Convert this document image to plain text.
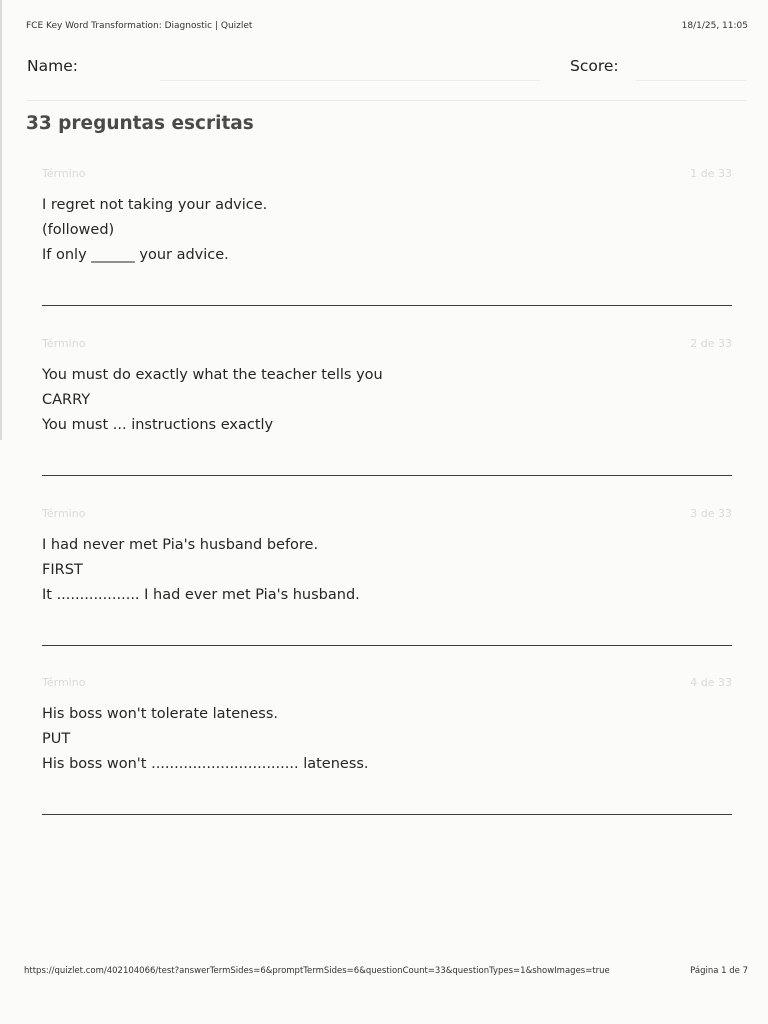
FCE Key Word Transformation: Diagnostic | Quizlet	18/1/25, 11:05
Name:	Score:
33 preguntas escritas
Término	1 de 33
I regret not taking your advice.
(followed)
If only ______ your advice.
Término	2 de 33
You must do exactly what the teacher tells you
CARRY
You must ... instructions exactly
Término	3 de 33
I had never met Pia's husband before.
FIRST
It .................. I had ever met Pia's husband.
Término	4 de 33
His boss won't tolerate lateness.
PUT
His boss won't ................................ lateness.
https://quizlet.com/402104066/test?answerTermSides=6&promptTermSides=6&questionCount=33&questionTypes=1&showImages=true	Página 1 de 7
